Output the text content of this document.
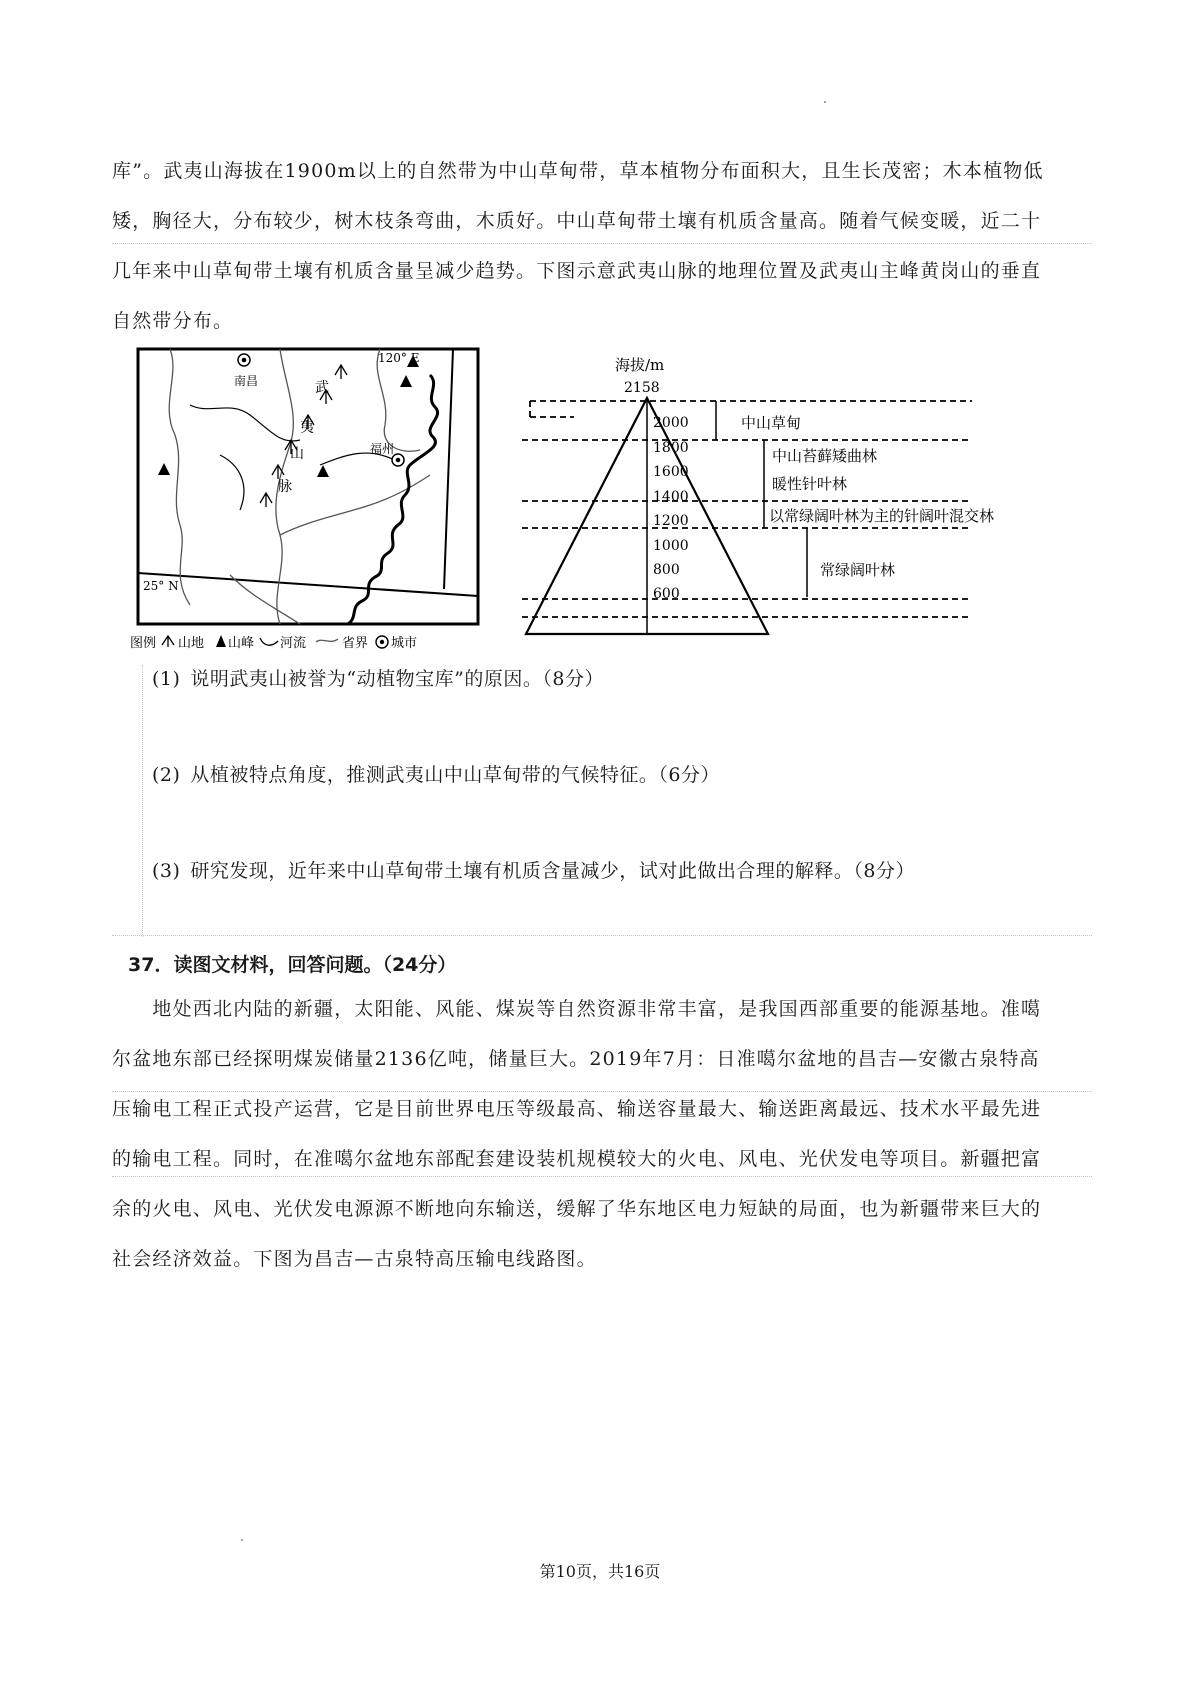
库”。武夷山海拔在1900m以上的自然带为中山草甸带，草本植物分布面积大，且生长茂密；木本植物低
矮，胸径大，分布较少，树木枝条弯曲，木质好。中山草甸带土壤有机质含量高。随着气候变暖，近二十
几年来中山草甸带土壤有机质含量呈减少趋势。下图示意武夷山脉的地理位置及武夷山主峰黄岗山的垂直
自然带分布。
武
夷
山
脉
南昌
福州
120° E
25° N
图例 山地 山峰 河流	省界 城市
海拔/m
2158
2000
1800
1600
1400
1200
1000
800
600
中山草甸
中山苔藓矮曲林
暖性针叶林
以常绿阔叶林为主的针阔叶混交林
常绿阔叶林
(1) 说明武夷山被誉为“动植物宝库”的原因。（8分）
(2) 从植被特点角度，推测武夷山中山草甸带的气候特征。（6分）
(3) 研究发现，近年来中山草甸带土壤有机质含量减少，试对此做出合理的解释。（8分）
37．读图文材料，回答问题。（24分）
　　地处西北内陆的新疆，太阳能、风能、煤炭等自然资源非常丰富，是我国西部重要的能源基地。准噶
尔盆地东部已经探明煤炭储量2136亿吨，储量巨大。2019年7月：日准噶尔盆地的昌吉—安徽古泉特高
压输电工程正式投产运营，它是目前世界电压等级最高、输送容量最大、输送距离最远、技术水平最先进
的输电工程。同时，在准噶尔盆地东部配套建设装机规模较大的火电、风电、光伏发电等项目。新疆把富
余的火电、风电、光伏发电源源不断地向东输送，缓解了华东地区电力短缺的局面，也为新疆带来巨大的
社会经济效益。下图为昌吉—古泉特高压输电线路图。
第10页，共16页
